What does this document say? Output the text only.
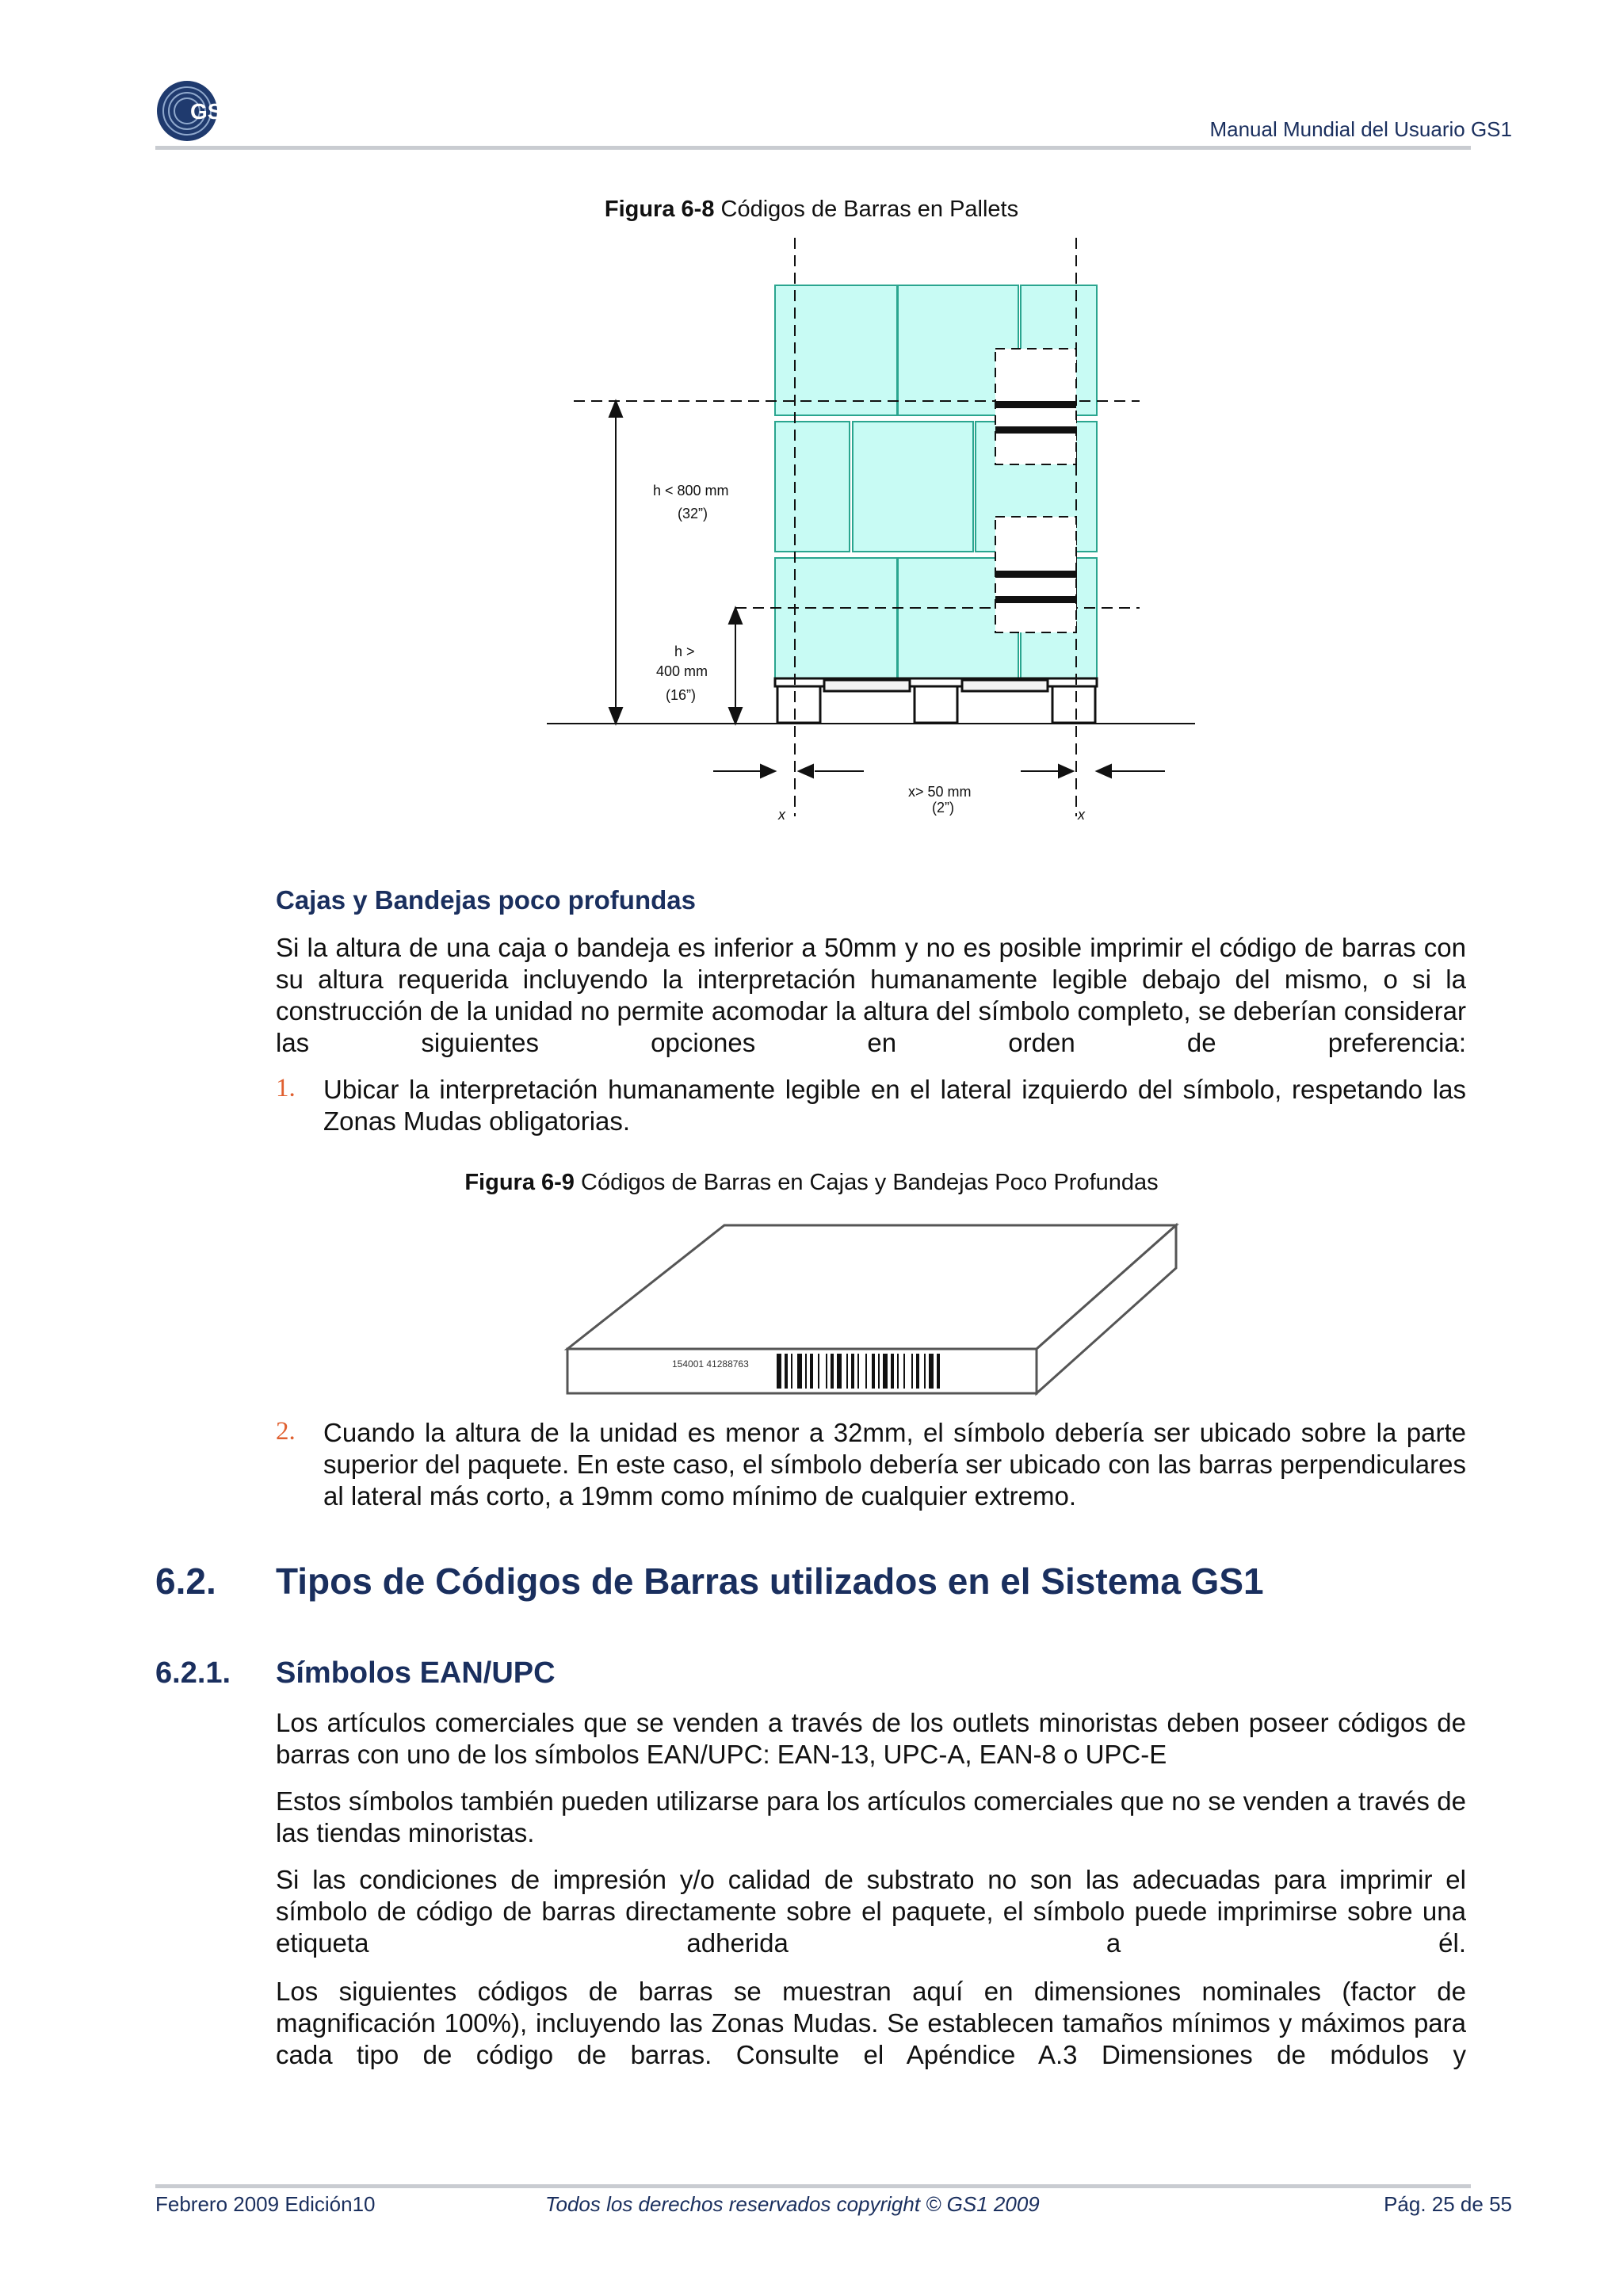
GS1
Manual Mundial del Usuario GS1
Figura 6-8 Códigos de Barras en Pallets
h < 800 mm
(32”)
h >
400 mm
(16”)
x> 50 mm
(2”)
x	x
Cajas y Bandejas poco profundas
Si la altura de una caja o bandeja es inferior a 50mm y no es posible imprimir el código de barras con su altura requerida incluyendo la interpretación humanamente legible debajo del mismo, o si la construcción de la unidad no permite acomodar la altura del símbolo completo, se deberían considerar las siguientes opciones en orden de preferencia:
1. Ubicar la interpretación humanamente legible en el lateral izquierdo del símbolo, respetando las Zonas Mudas obligatorias.
Figura 6-9 Códigos de Barras en Cajas y Bandejas Poco Profundas
154001 41288763
2. Cuando la altura de la unidad es menor a 32mm, el símbolo debería ser ubicado sobre la parte superior del paquete. En este caso, el símbolo debería ser ubicado con las barras perpendiculares al lateral más corto, a 19mm como mínimo de cualquier extremo.
6.2. Tipos de Códigos de Barras utilizados en el Sistema GS1
6.2.1. Símbolos EAN/UPC
Los artículos comerciales que se venden a través de los outlets minoristas deben poseer códigos de barras con uno de los símbolos EAN/UPC: EAN-13, UPC-A, EAN-8 o UPC-E
Estos símbolos también pueden utilizarse para los artículos comerciales que no se venden a través de las tiendas minoristas.
Si las condiciones de impresión y/o calidad de substrato no son las adecuadas para imprimir el símbolo de código de barras directamente sobre el paquete, el símbolo puede imprimirse sobre una etiqueta adherida a él.
Los siguientes códigos de barras se muestran aquí en dimensiones nominales (factor de magnificación 100%), incluyendo las Zonas Mudas. Se establecen tamaños mínimos y máximos para cada tipo de código de barras. Consulte el Apéndice A.3 Dimensiones de módulos y
Febrero 2009 Edición10	Todos los derechos reservados copyright © GS1 2009	Pág. 25 de 55
